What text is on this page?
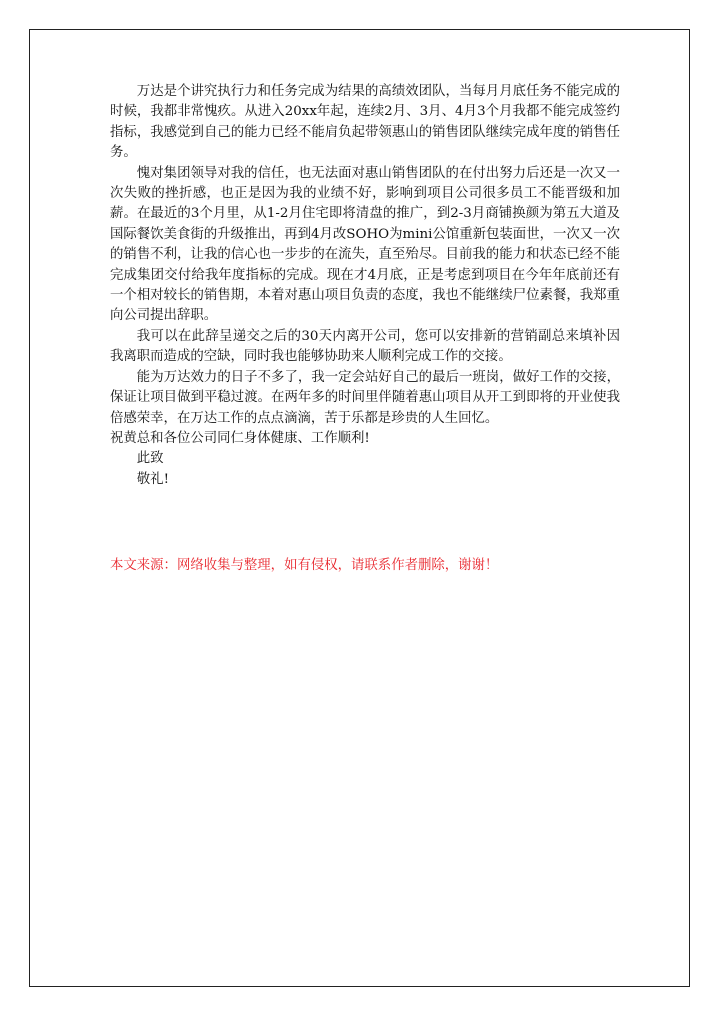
万达是个讲究执行力和任务完成为结果的高绩效团队，当每月月底任务不能完成的时候，我都非常愧疚。从进入20xx年起，连续2月、3月、4月3个月我都不能完成签约指标，我感觉到自己的能力已经不能肩负起带领惠山的销售团队继续完成年度的销售任务。

愧对集团领导对我的信任，也无法面对惠山销售团队的在付出努力后还是一次又一次失败的挫折感，也正是因为我的业绩不好，影响到项目公司很多员工不能晋级和加薪。在最近的3个月里，从1-2月住宅即将清盘的推广，到2-3月商铺换颜为第五大道及国际餐饮美食街的升级推出，再到4月改SOHO为mini公馆重新包装面世，一次又一次的销售不利，让我的信心也一步步的在流失，直至殆尽。目前我的能力和状态已经不能完成集团交付给我年度指标的完成。现在才4月底，正是考虑到项目在今年年底前还有一个相对较长的销售期，本着对惠山项目负责的态度，我也不能继续尸位素餐，我郑重向公司提出辞职。

我可以在此辞呈递交之后的30天内离开公司，您可以安排新的营销副总来填补因我离职而造成的空缺，同时我也能够协助来人顺利完成工作的交接。

能为万达效力的日子不多了，我一定会站好自己的最后一班岗，做好工作的交接，保证让项目做到平稳过渡。在两年多的时间里伴随着惠山项目从开工到即将的开业使我倍感荣幸，在万达工作的点点滴滴，苦于乐都是珍贵的人生回忆。

祝黄总和各位公司同仁身体健康、工作顺利!

此致

敬礼!

本文来源：网络收集与整理，如有侵权，请联系作者删除，谢谢！
